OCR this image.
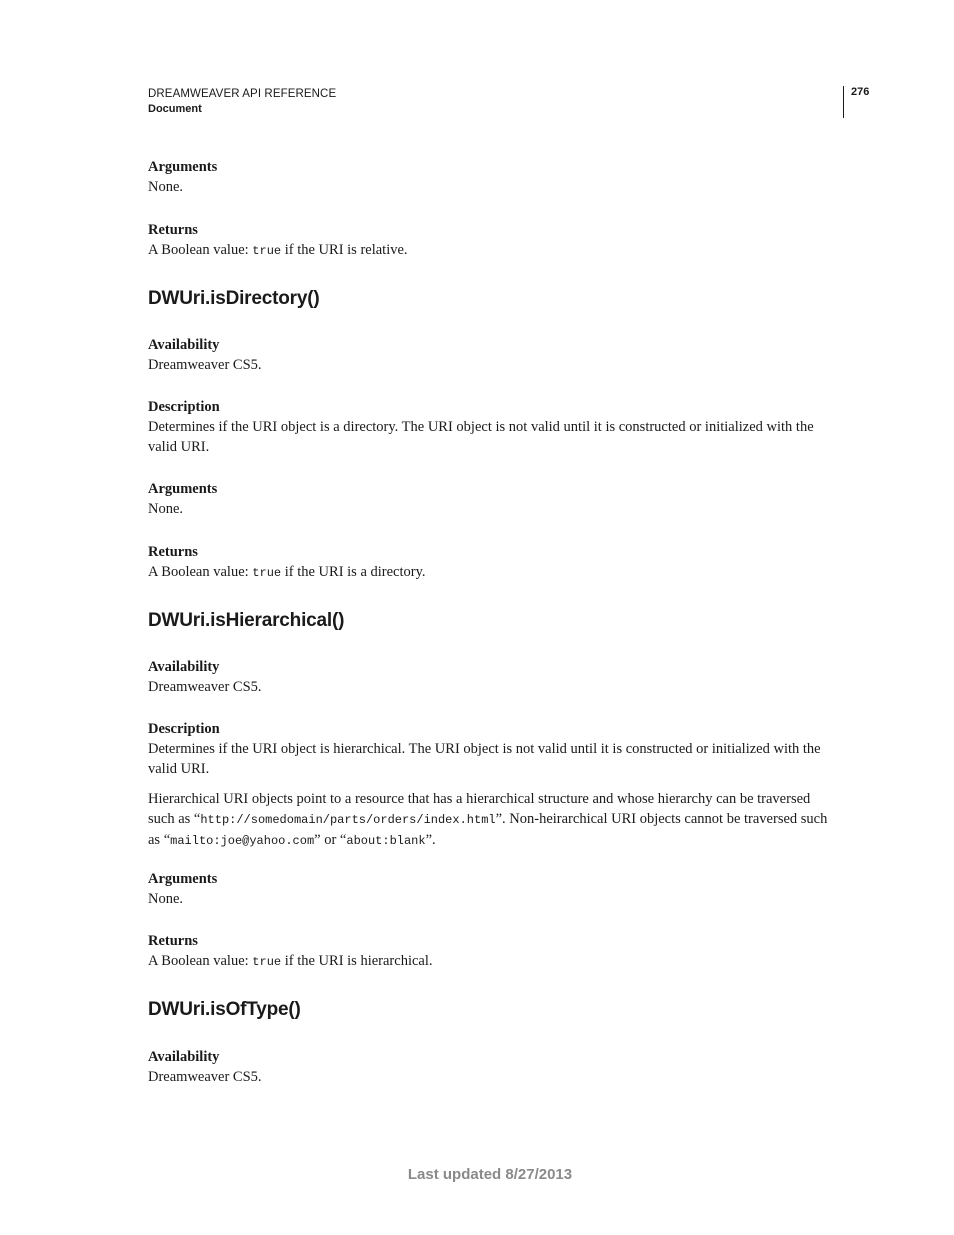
DREAMWEAVER API REFERENCE
Document
276
Arguments
None.
Returns
A Boolean value: true if the URI is relative.
DWUri.isDirectory()
Availability
Dreamweaver CS5.
Description
Determines if the URI object is a directory. The URI object is not valid until it is constructed or initialized with the
valid URI.
Arguments
None.
Returns
A Boolean value: true if the URI is a directory.
DWUri.isHierarchical()
Availability
Dreamweaver CS5.
Description
Determines if the URI object is hierarchical. The URI object is not valid until it is constructed or initialized with the
valid URI.
Hierarchical URI objects point to a resource that has a hierarchical structure and whose hierarchy can be traversed
such as “http://somedomain/parts/orders/index.html”. Non-heirarchical URI objects cannot be traversed such
as “mailto:joe@yahoo.com” or “about:blank”.
Arguments
None.
Returns
A Boolean value: true if the URI is hierarchical.
DWUri.isOfType()
Availability
Dreamweaver CS5.
Last updated 8/27/2013
